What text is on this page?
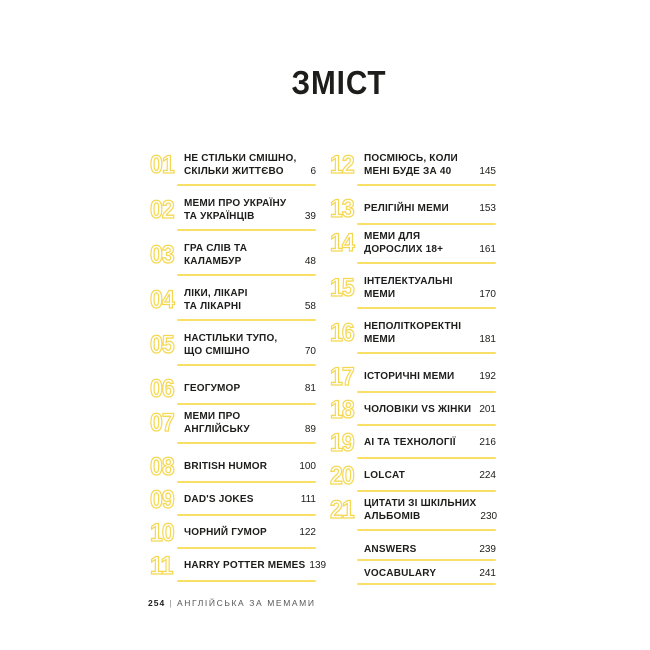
ЗМІСТ
01	НЕ СТІЛЬКИ СМІШНО,
СКІЛЬКИ ЖИТТЄВО	6
02	МЕМИ ПРО УКРАЇНУ
ТА УКРАЇНЦІВ	39
03	ГРА СЛІВ ТА
КАЛАМБУР	48
04	ЛІКИ, ЛІКАРІ
ТА ЛІКАРНІ	58
05	НАСТІЛЬКИ ТУПО,
ЩО СМІШНО	70
06	ГЕОГУМОР	81
07	МЕМИ ПРО
АНГЛІЙСЬКУ	89
08	BRITISH HUMOR	100
09	DAD'S JOKES	111
10	ЧОРНИЙ ГУМОР	122
11	HARRY POTTER MEMES 139
12	ПОСМІЮСЬ, КОЛИ
МЕНІ БУДЕ ЗА 40	145
13	РЕЛІГІЙНІ МЕМИ	153
14	МЕМИ ДЛЯ
ДОРОСЛИХ 18+	161
15	ІНТЕЛЕКТУАЛЬНІ
МЕМИ	170
16	НЕПОЛІТКОРЕКТНІ
МЕМИ	181
17	ІСТОРИЧНІ МЕМИ	192
18	ЧОЛОВІКИ VS ЖІНКИ 201
19	AI ТА ТЕХНОЛОГІЇ	216
20	LOLCAT	224
21	ЦИТАТИ ЗІ ШКІЛЬНИХ
АЛЬБОМІВ	230
ANSWERS	239
VOCABULARY	241
254 | АНГЛІЙСЬКА ЗА МЕМАМИ
